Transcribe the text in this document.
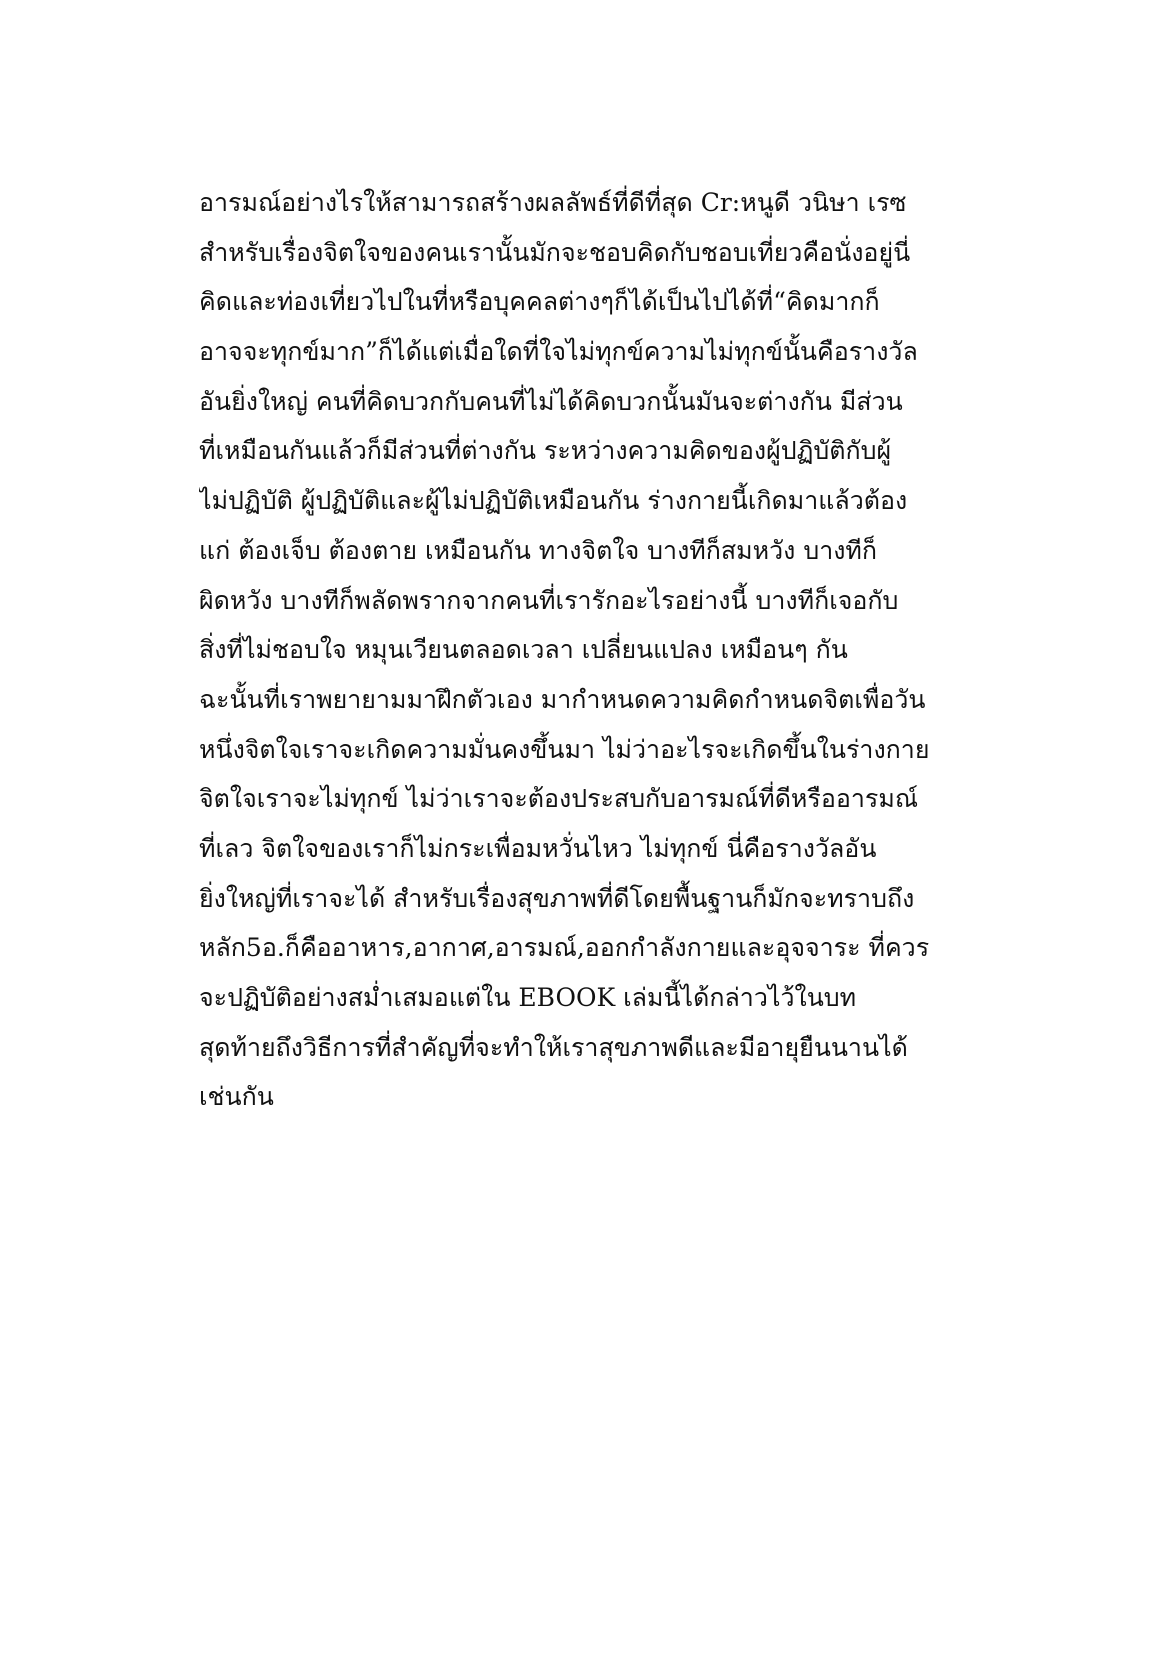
อารมณ์อย่างไรให้สามารถสร้างผลลัพธ์ที่ดีที่สุด Cr:หนูดี วนิษา เรซ
สำหรับเรื่องจิตใจของคนเรานั้นมักจะชอบคิดกับชอบเที่ยวคือนั่งอยู่นี่
คิดและท่องเที่ยวไปในที่หรือบุคคลต่างๆก็ได้เป็นไปได้ที่“คิดมากก็
อาจจะทุกข์มาก”ก็ได้แต่เมื่อใดที่ใจไม่ทุกข์ความไม่ทุกข์นั้นคือรางวัล
อันยิ่งใหญ่ คนที่คิดบวกกับคนที่ไม่ได้คิดบวกนั้นมันจะต่างกัน มีส่วน
ที่เหมือนกันแล้วก็มีส่วนที่ต่างกัน ระหว่างความคิดของผู้ปฏิบัติกับผู้
ไม่ปฏิบัติ ผู้ปฏิบัติและผู้ไม่ปฏิบัติเหมือนกัน ร่างกายนี้เกิดมาแล้วต้อง
แก่ ต้องเจ็บ ต้องตาย เหมือนกัน ทางจิตใจ บางทีก็สมหวัง บางทีก็
ผิดหวัง บางทีก็พลัดพรากจากคนที่เรารักอะไรอย่างนี้ บางทีก็เจอกับ
สิ่งที่ไม่ชอบใจ หมุนเวียนตลอดเวลา เปลี่ยนแปลง เหมือนๆ กัน
ฉะนั้นที่เราพยายามมาฝึกตัวเอง มากำหนดความคิดกำหนดจิตเพื่อวัน
หนึ่งจิตใจเราจะเกิดความมั่นคงขึ้นมา ไม่ว่าอะไรจะเกิดขึ้นในร่างกาย
จิตใจเราจะไม่ทุกข์ ไม่ว่าเราจะต้องประสบกับอารมณ์ที่ดีหรืออารมณ์
ที่เลว จิตใจของเราก็ไม่กระเพื่อมหวั่นไหว ไม่ทุกข์ นี่คือรางวัลอัน
ยิ่งใหญ่ที่เราจะได้ สำหรับเรื่องสุขภาพที่ดีโดยพื้นฐานก็มักจะทราบถึง
หลัก5อ.ก็คืออาหาร,อากาศ,อารมณ์,ออกกำลังกายและอุจจาระ ที่ควร
จะปฏิบัติอย่างสม่ำเสมอแต่ใน EBOOK เล่มนี้ได้กล่าวไว้ในบท
สุดท้ายถึงวิธีการที่สำคัญที่จะทำให้เราสุขภาพดีและมีอายุยืนนานได้
เช่นกัน
